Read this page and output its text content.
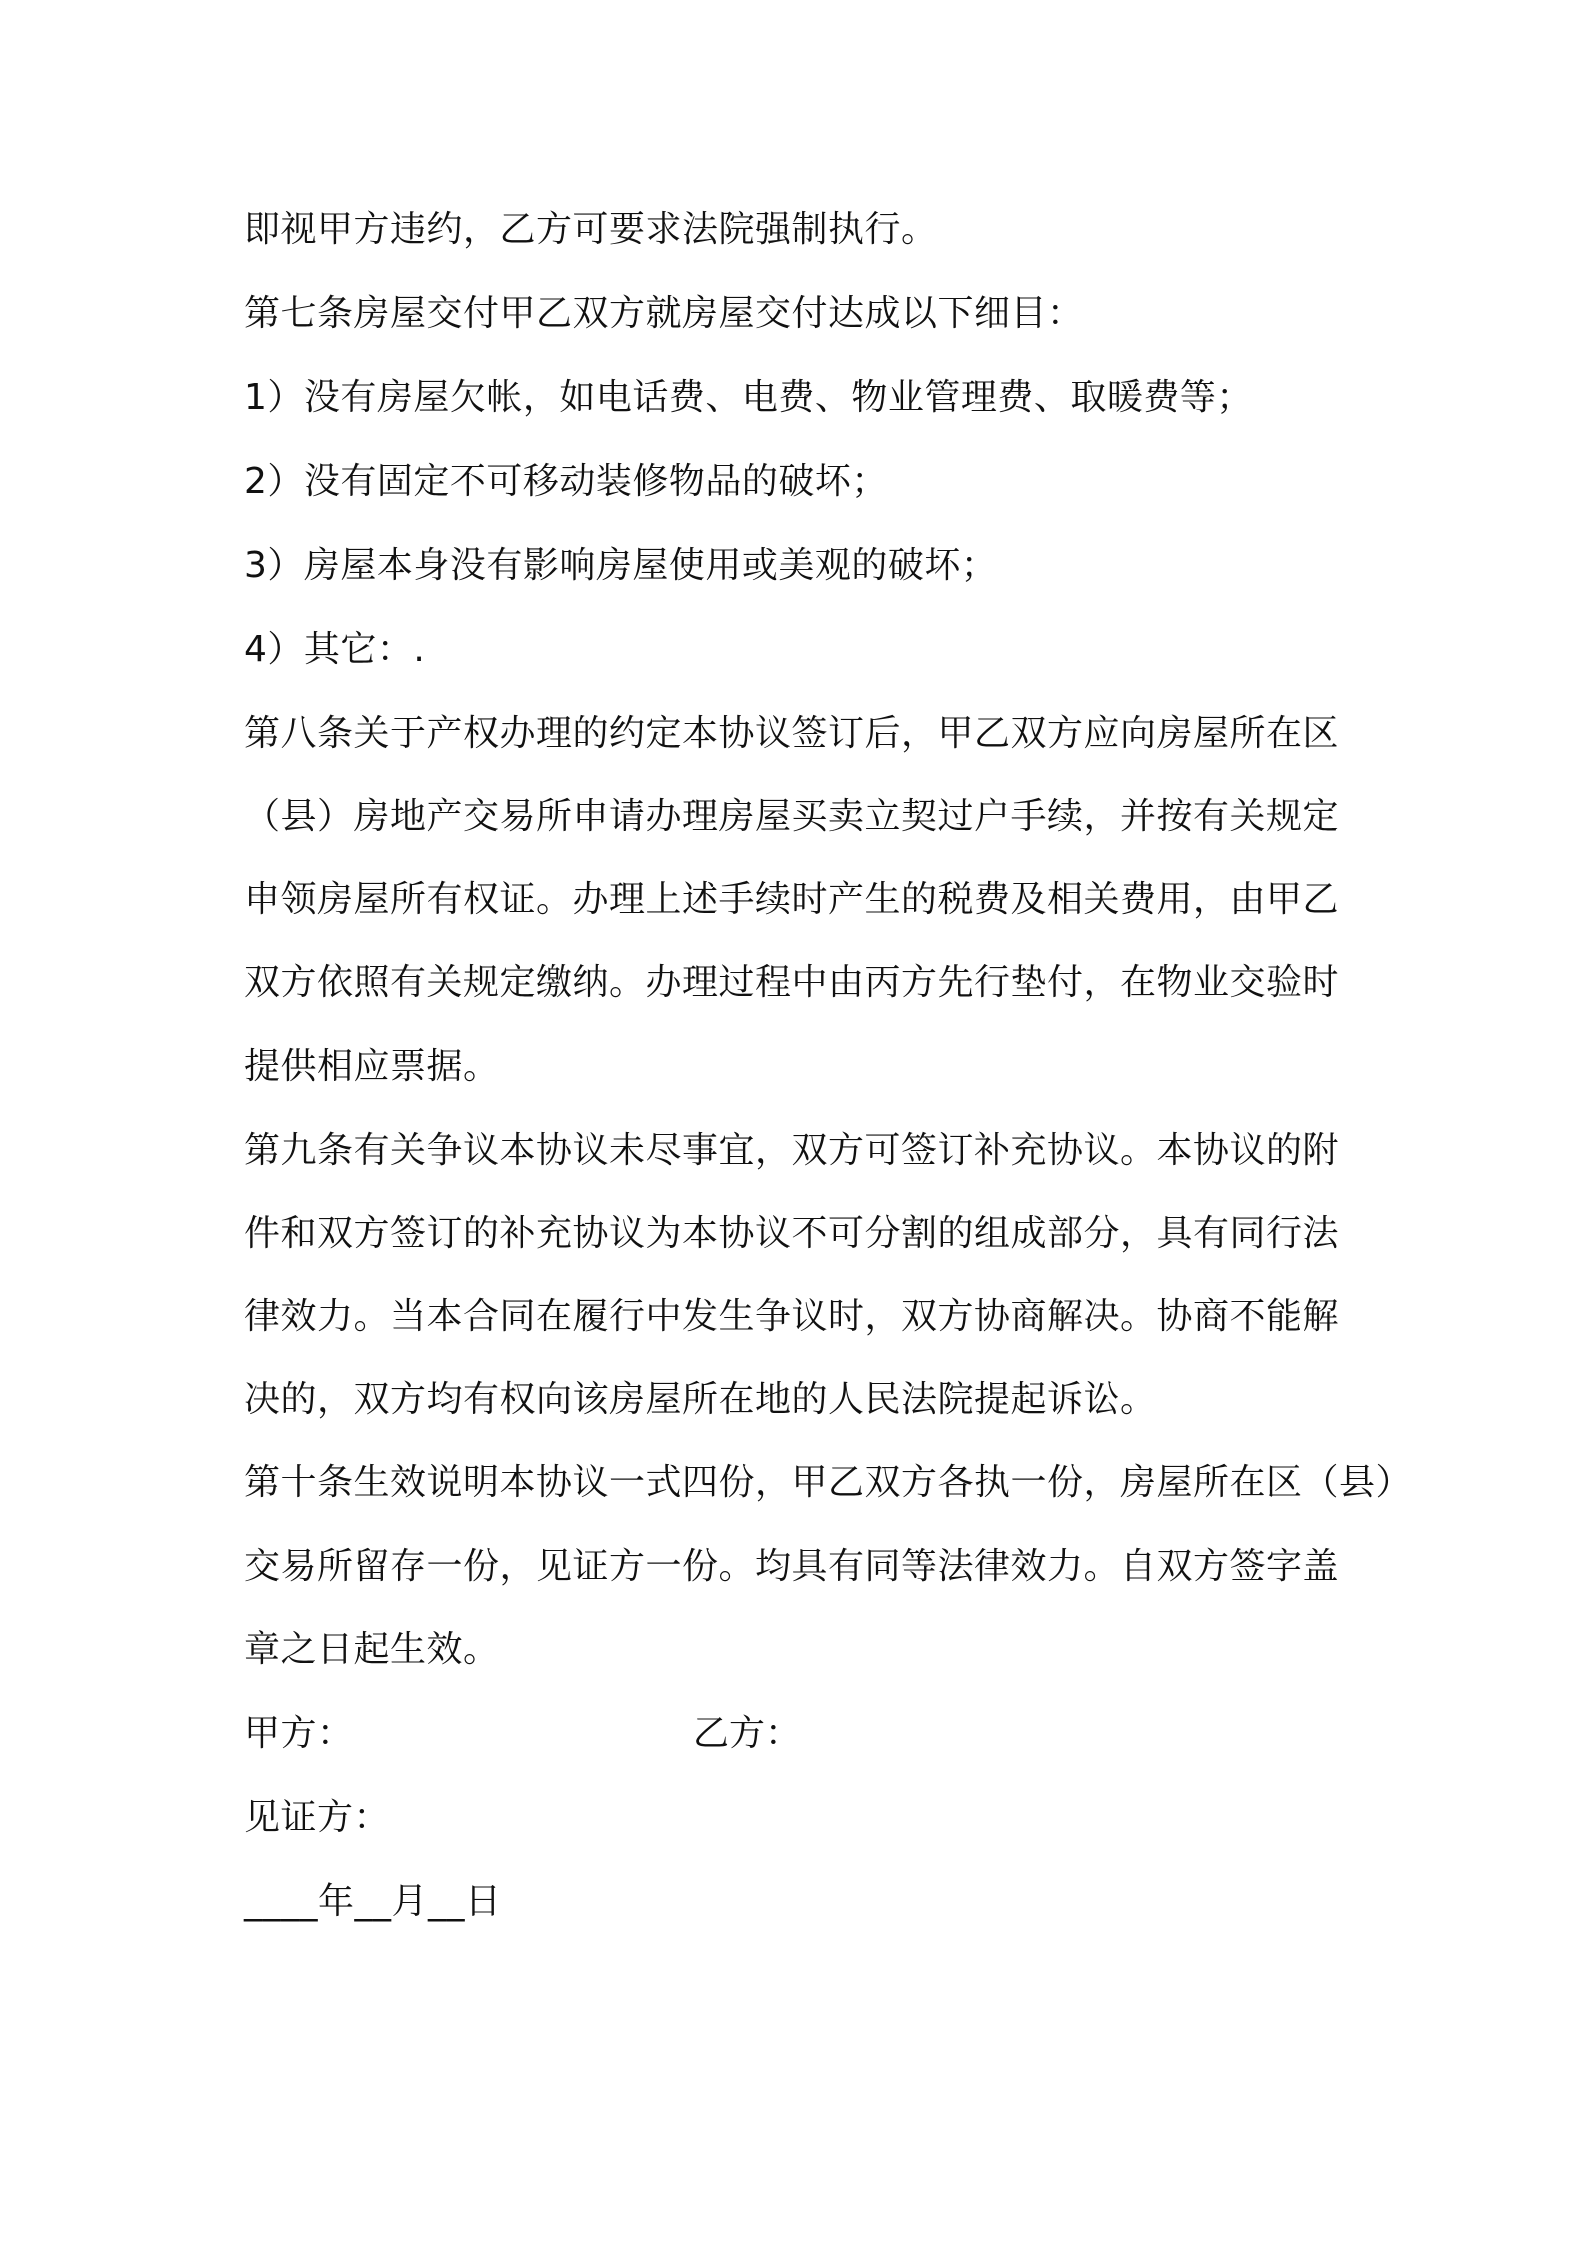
即视甲方违约，乙方可要求法院强制执行。

第七条房屋交付甲乙双方就房屋交付达成以下细目：

1）没有房屋欠帐，如电话费、电费、物业管理费、取暖费等；

2）没有固定不可移动装修物品的破坏；

3）房屋本身没有影响房屋使用或美观的破坏；

4）其它：.

第八条关于产权办理的约定本协议签订后，甲乙双方应向房屋所在区

（县）房地产交易所申请办理房屋买卖立契过户手续，并按有关规定

申领房屋所有权证。办理上述手续时产生的税费及相关费用，由甲乙

双方依照有关规定缴纳。办理过程中由丙方先行垫付，在物业交验时

提供相应票据。

第九条有关争议本协议未尽事宜，双方可签订补充协议。本协议的附

件和双方签订的补充协议为本协议不可分割的组成部分，具有同行法

律效力。当本合同在履行中发生争议时，双方协商解决。协商不能解

决的，双方均有权向该房屋所在地的人民法院提起诉讼。

第十条生效说明本协议一式四份，甲乙双方各执一份，房屋所在区（县）

交易所留存一份，见证方一份。均具有同等法律效力。自双方签字盖

章之日起生效。

甲方：	乙方：

见证方：

____年__月__日
